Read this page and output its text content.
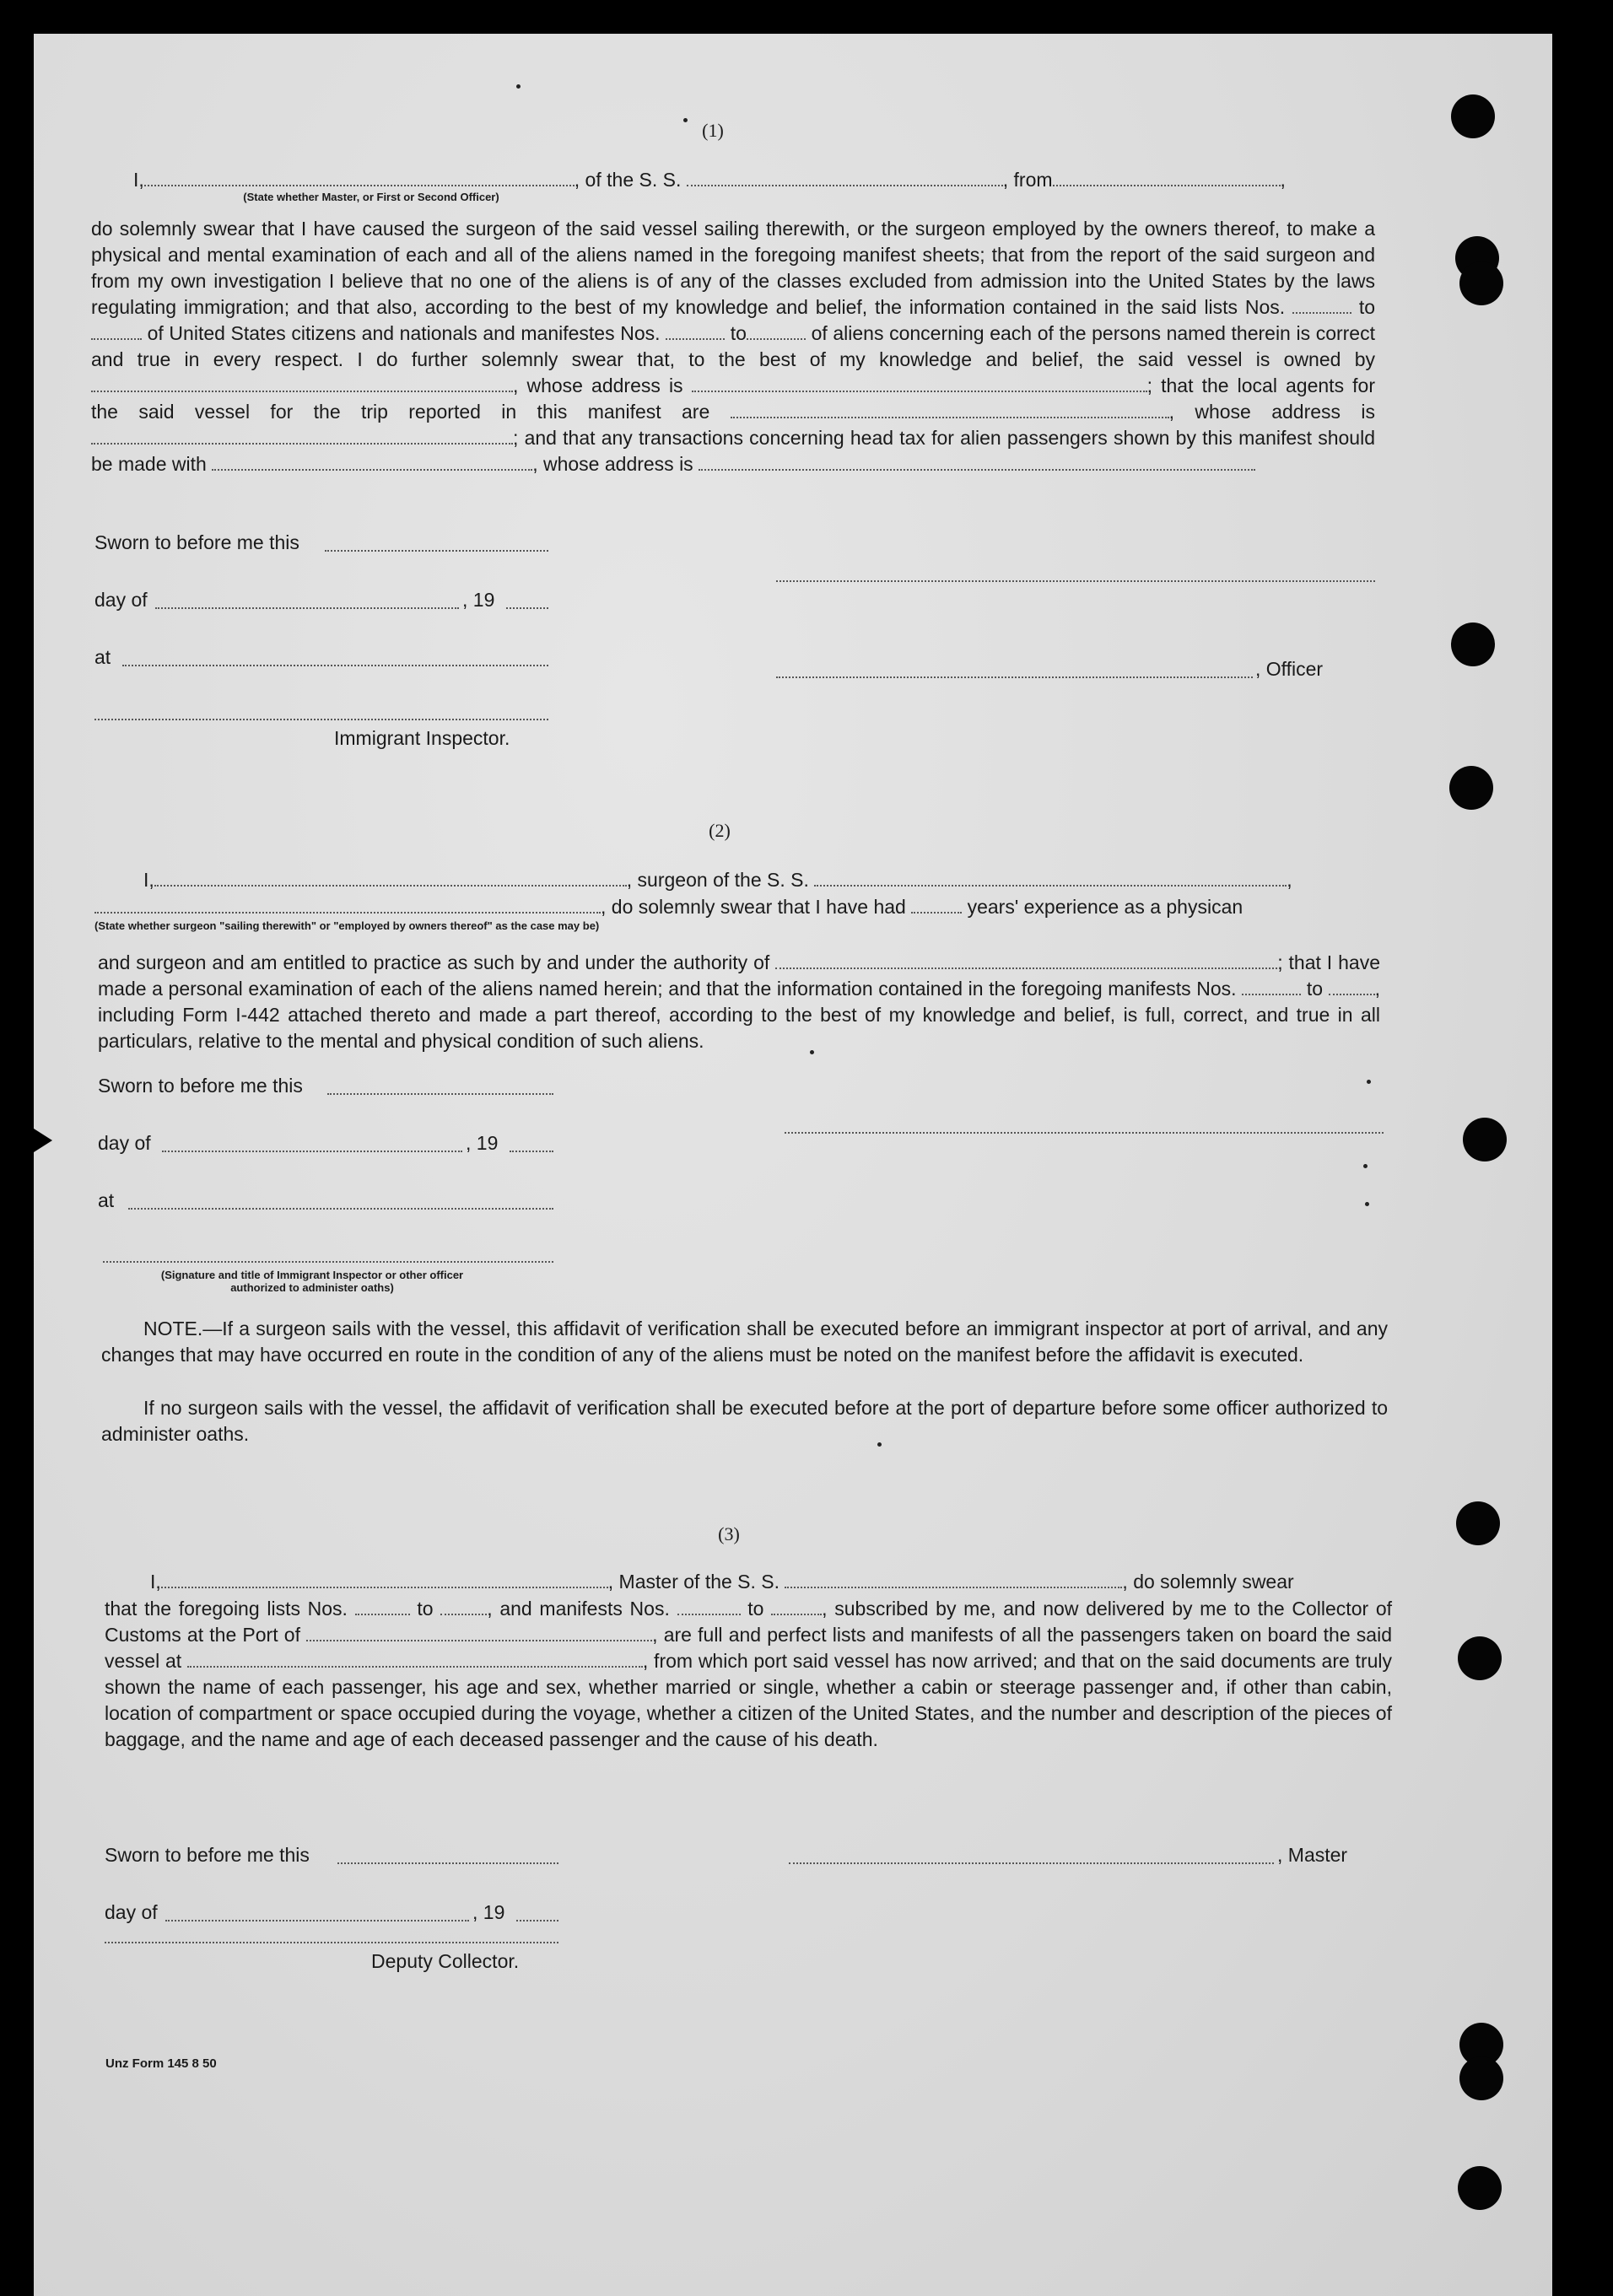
(1)
I,	, of the S. S.	, from	,
(State whether Master, or First or Second Officer)
do solemnly swear that I have caused the surgeon of the said vessel sailing therewith, or the surgeon employed by the owners thereof, to make a physical and mental examination of each and all of the aliens named in the foregoing manifest sheets; that from the report of the said surgeon and from my own investigation I believe that no one of the aliens is of any of the classes excluded from admission into the United States by the laws regulating immigration; and that also, according to the best of my knowledge and belief, the information contained in the said lists Nos.	to  of United States citizens and nationals and manifestes Nos.	to	of aliens concerning each of the persons named therein is correct and true in every respect. I do further solemnly swear that, to the best of my knowledge and belief, the said vessel is owned by , whose address is	; that the local agents for the said vessel for the trip reported in this manifest are	, whose address is ; and that any transactions concerning head tax for alien passengers shown by this manifest should be made with	, whose address is
Sworn to before me this
day of	, 19
at
, Officer
Immigrant Inspector.
(2)
I,	, surgeon of the S. S.	,
, do solemnly swear that I have had	years' experience as a physican
(State whether surgeon "sailing therewith" or "employed by owners thereof" as the case may be)
and surgeon and am entitled to practice as such by and under the authority of	; that I have made a personal examination of each of the aliens named herein; and that the information contained in the foregoing manifests Nos.	to	, including Form I-442 attached thereto and made a part thereof, according to the best of my knowledge and belief, is full, correct, and true in all particulars, relative to the mental and physical condition of such aliens.
Sworn to before me this
day of	, 19
at
(Signature and title of Immigrant Inspector or other officer authorized to administer oaths)
NOTE.—If a surgeon sails with the vessel, this affidavit of verification shall be executed before an immigrant inspector at port of arrival, and any changes that may have occurred en route in the condition of any of the aliens must be noted on the manifest before the affidavit is executed.
If no surgeon sails with the vessel, the affidavit of verification shall be executed before at the port of departure before some officer authorized to administer oaths.
(3)
I,	, Master of the S. S.	, do solemnly swear
that the foregoing lists Nos.	to	, and manifests Nos.	to	, subscribed by me, and now delivered by me to the Collector of Customs at the Port of	, are full and perfect lists and manifests of all the passengers taken on board the said vessel at	, from which port said vessel has now arrived; and that on the said documents are truly shown the name of each passenger, his age and sex, whether married or single, whether a cabin or steerage passenger and, if other than cabin, location of compartment or space occupied during the voyage, whether a citizen of the United States, and the number and description of the pieces of baggage, and the name and age of each deceased passenger and the cause of his death.
Sworn to before me this	, Master
day of	, 19
Deputy Collector.
Unz Form 145 8 50
